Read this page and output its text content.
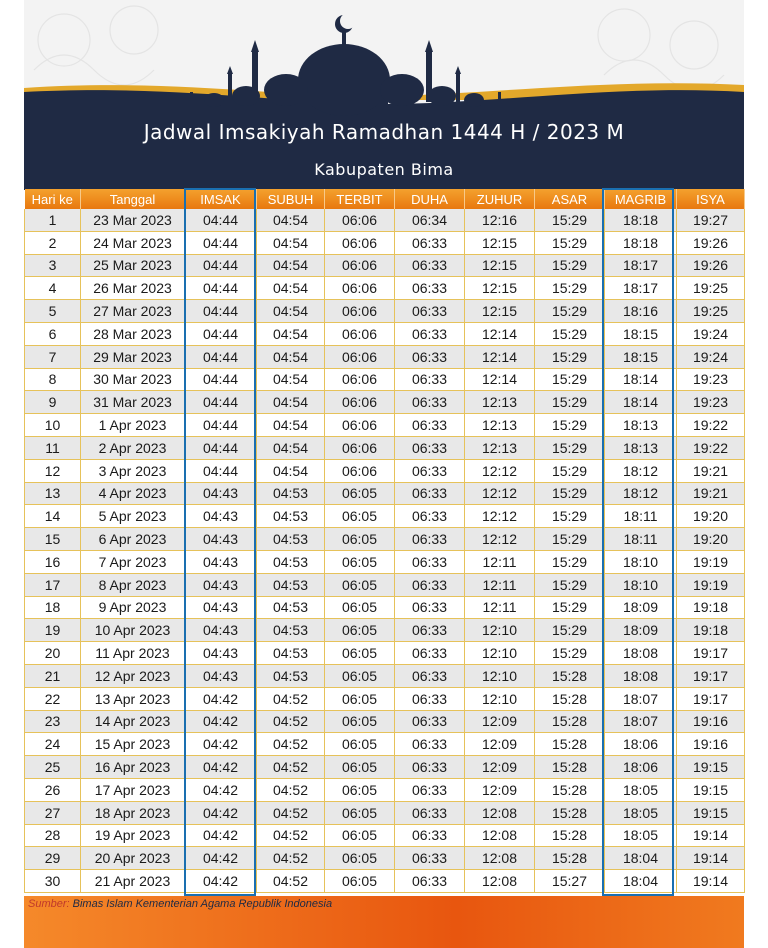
Jadwal Imsakiyah Ramadhan 1444 H / 2023 M
Kabupaten Bima
Hari ke	Tanggal	IMSAK	SUBUH	TERBIT	DUHA	ZUHUR	ASAR	MAGRIB	ISYA
1	23 Mar 2023	04:44	04:54	06:06	06:34	12:16	15:29	18:18	19:27
2	24 Mar 2023	04:44	04:54	06:06	06:33	12:15	15:29	18:18	19:26
3	25 Mar 2023	04:44	04:54	06:06	06:33	12:15	15:29	18:17	19:26
4	26 Mar 2023	04:44	04:54	06:06	06:33	12:15	15:29	18:17	19:25
5	27 Mar 2023	04:44	04:54	06:06	06:33	12:15	15:29	18:16	19:25
6	28 Mar 2023	04:44	04:54	06:06	06:33	12:14	15:29	18:15	19:24
7	29 Mar 2023	04:44	04:54	06:06	06:33	12:14	15:29	18:15	19:24
8	30 Mar 2023	04:44	04:54	06:06	06:33	12:14	15:29	18:14	19:23
9	31 Mar 2023	04:44	04:54	06:06	06:33	12:13	15:29	18:14	19:23
10	1 Apr 2023	04:44	04:54	06:06	06:33	12:13	15:29	18:13	19:22
11	2 Apr 2023	04:44	04:54	06:06	06:33	12:13	15:29	18:13	19:22
12	3 Apr 2023	04:44	04:54	06:06	06:33	12:12	15:29	18:12	19:21
13	4 Apr 2023	04:43	04:53	06:05	06:33	12:12	15:29	18:12	19:21
14	5 Apr 2023	04:43	04:53	06:05	06:33	12:12	15:29	18:11	19:20
15	6 Apr 2023	04:43	04:53	06:05	06:33	12:12	15:29	18:11	19:20
16	7 Apr 2023	04:43	04:53	06:05	06:33	12:11	15:29	18:10	19:19
17	8 Apr 2023	04:43	04:53	06:05	06:33	12:11	15:29	18:10	19:19
18	9 Apr 2023	04:43	04:53	06:05	06:33	12:11	15:29	18:09	19:18
19	10 Apr 2023	04:43	04:53	06:05	06:33	12:10	15:29	18:09	19:18
20	11 Apr 2023	04:43	04:53	06:05	06:33	12:10	15:29	18:08	19:17
21	12 Apr 2023	04:43	04:53	06:05	06:33	12:10	15:28	18:08	19:17
22	13 Apr 2023	04:42	04:52	06:05	06:33	12:10	15:28	18:07	19:17
23	14 Apr 2023	04:42	04:52	06:05	06:33	12:09	15:28	18:07	19:16
24	15 Apr 2023	04:42	04:52	06:05	06:33	12:09	15:28	18:06	19:16
25	16 Apr 2023	04:42	04:52	06:05	06:33	12:09	15:28	18:06	19:15
26	17 Apr 2023	04:42	04:52	06:05	06:33	12:09	15:28	18:05	19:15
27	18 Apr 2023	04:42	04:52	06:05	06:33	12:08	15:28	18:05	19:15
28	19 Apr 2023	04:42	04:52	06:05	06:33	12:08	15:28	18:05	19:14
29	20 Apr 2023	04:42	04:52	06:05	06:33	12:08	15:28	18:04	19:14
30	21 Apr 2023	04:42	04:52	06:05	06:33	12:08	15:27	18:04	19:14
Sumber: Bimas Islam Kementerian Agama Republik Indonesia
